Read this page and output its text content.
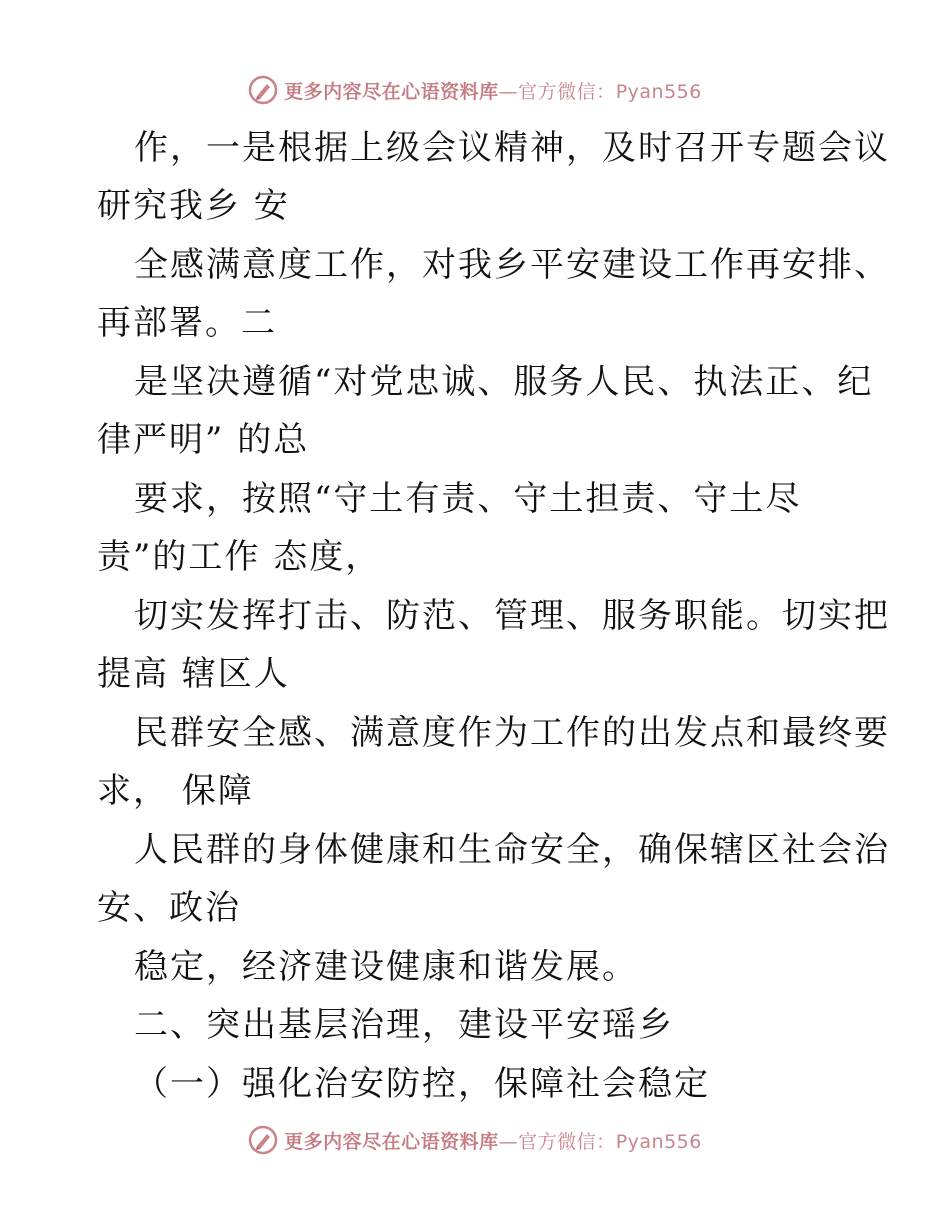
更多内容尽在心语资料库—官方微信：Pyan556
作，一是根据上级会议精神，及时召开专题会议
研究我乡 安
全感满意度工作，对我乡平安建设工作再安排、
再部署。二
是坚决遵循“对党忠诚、服务人民、执法正、纪
律严明” 的总
要求，按照“守土有责、守土担责、守土尽
责”的工作 态度，
切实发挥打击、防范、管理、服务职能。切实把
提高 辖区人
民群安全感、满意度作为工作的出发点和最终要
求， 保障
人民群的身体健康和生命安全，确保辖区社会治
安、政治
稳定，经济建设健康和谐发展。
二、突出基层治理，建设平安瑶乡
（一）强化治安防控，保障社会稳定
更多内容尽在心语资料库—官方微信：Pyan556
